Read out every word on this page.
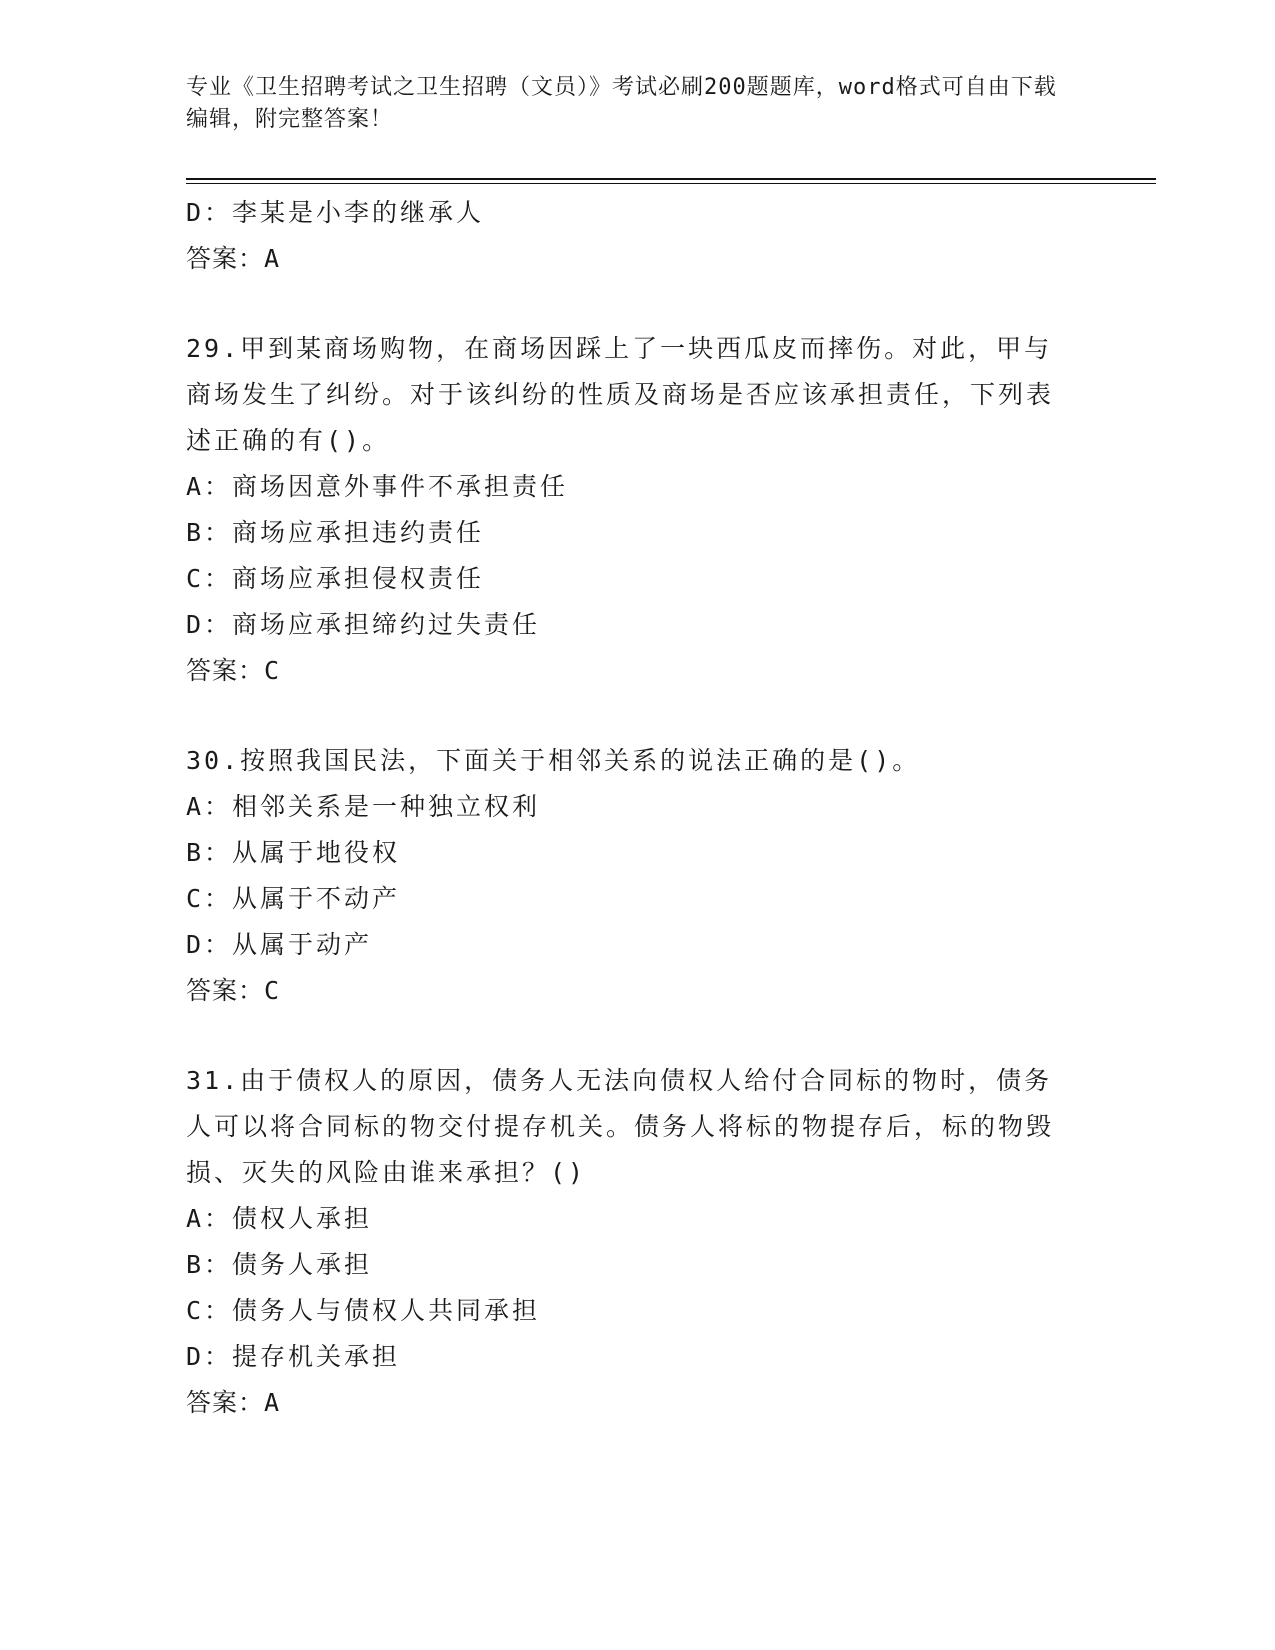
专业《卫生招聘考试之卫生招聘（文员）》考试必刷200题题库，word格式可自由下载编辑，附完整答案！
D：李某是小李的继承人
答案：A
29.甲到某商场购物，在商场因踩上了一块西瓜皮而摔伤。对此，甲与商场发生了纠纷。对于该纠纷的性质及商场是否应该承担责任，下列表述正确的有()。
A：商场因意外事件不承担责任
B：商场应承担违约责任
C：商场应承担侵权责任
D：商场应承担缔约过失责任
答案：C
30.按照我国民法，下面关于相邻关系的说法正确的是()。
A：相邻关系是一种独立权利
B：从属于地役权
C：从属于不动产
D：从属于动产
答案：C
31.由于债权人的原因，债务人无法向债权人给付合同标的物时，债务人可以将合同标的物交付提存机关。债务人将标的物提存后，标的物毁损、灭失的风险由谁来承担？()
A：债权人承担
B：债务人承担
C：债务人与债权人共同承担
D：提存机关承担
答案：A
